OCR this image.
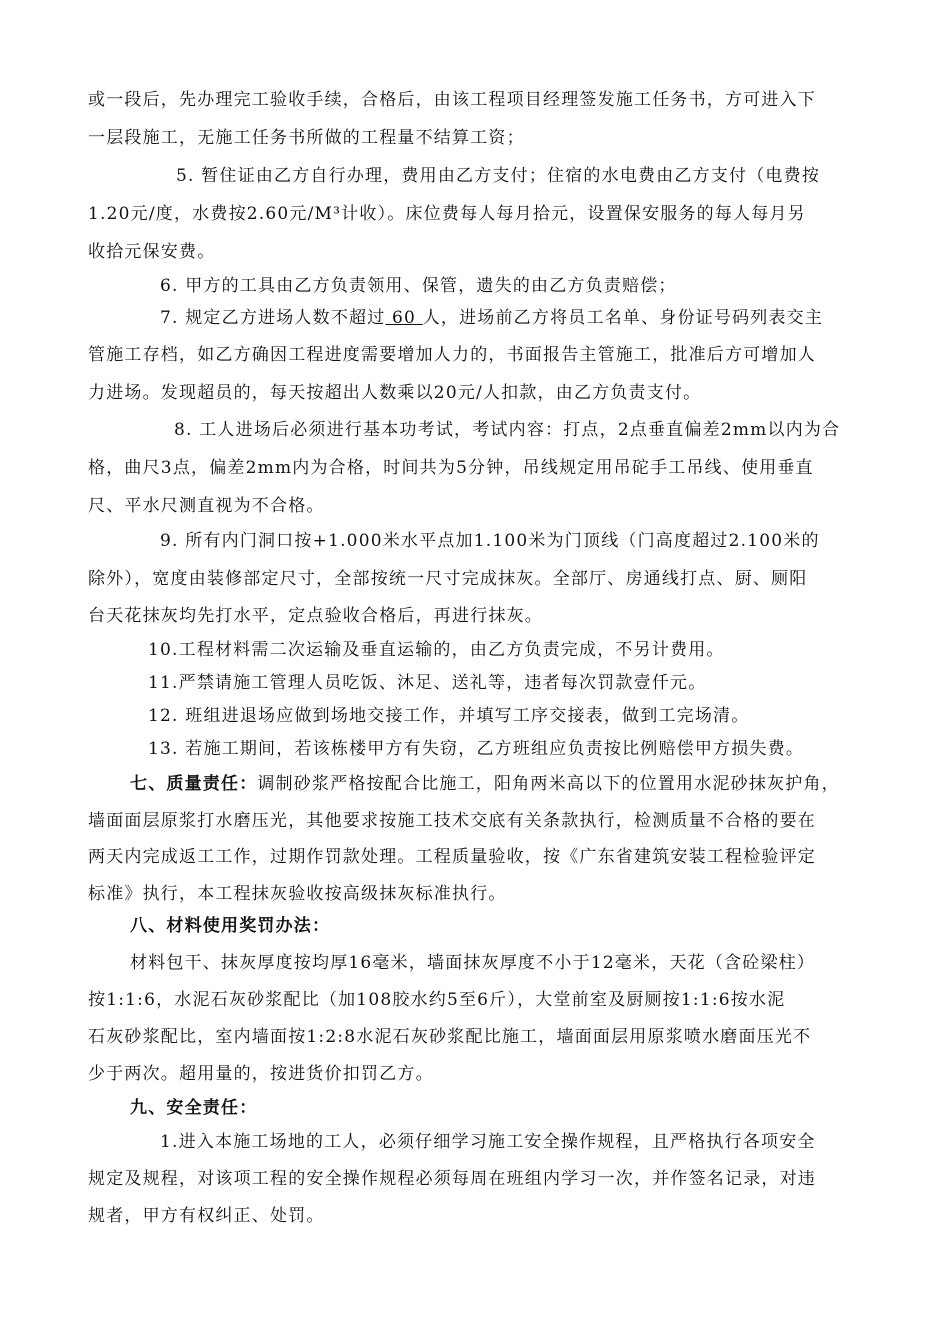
或一段后，先办理完工验收手续，合格后，由该工程项目经理签发施工任务书，方可进入下
一层段施工，无施工任务书所做的工程量不结算工资；
5. 暂住证由乙方自行办理，费用由乙方支付；住宿的水电费由乙方支付（电费按
1.20元/度，水费按2.60元/M³计收）。床位费每人每月拾元，设置保安服务的每人每月另
收拾元保安费。
6. 甲方的工具由乙方负责领用、保管，遗失的由乙方负责赔偿；
7. 规定乙方进场人数不超过 60 人，进场前乙方将员工名单、身份证号码列表交主
管施工存档，如乙方确因工程进度需要增加人力的，书面报告主管施工，批准后方可增加人
力进场。发现超员的，每天按超出人数乘以20元/人扣款，由乙方负责支付。
8. 工人进场后必须进行基本功考试，考试内容：打点，2点垂直偏差2mm以内为合
格，曲尺3点，偏差2mm内为合格，时间共为5分钟，吊线规定用吊砣手工吊线、使用垂直
尺、平水尺测直视为不合格。
9. 所有内门洞口按+1.000米水平点加1.100米为门顶线（门高度超过2.100米的
除外），宽度由装修部定尺寸，全部按统一尺寸完成抹灰。全部厅、房通线打点、厨、厕阳
台天花抹灰均先打水平，定点验收合格后，再进行抹灰。
10.工程材料需二次运输及垂直运输的，由乙方负责完成，不另计费用。
11.严禁请施工管理人员吃饭、沐足、送礼等，违者每次罚款壹仟元。
12. 班组进退场应做到场地交接工作，并填写工序交接表，做到工完场清。
13. 若施工期间，若该栋楼甲方有失窃，乙方班组应负责按比例赔偿甲方损失费。
七、质量责任：调制砂浆严格按配合比施工，阳角两米高以下的位置用水泥砂抹灰护角，
墙面面层原浆打水磨压光，其他要求按施工技术交底有关条款执行，检测质量不合格的要在
两天内完成返工工作，过期作罚款处理。工程质量验收，按《广东省建筑安装工程检验评定
标准》执行，本工程抹灰验收按高级抹灰标准执行。
八、材料使用奖罚办法：
材料包干、抹灰厚度按均厚16毫米，墙面抹灰厚度不小于12毫米，天花（含砼梁柱）
按1:1:6，水泥石灰砂浆配比（加108胶水约5至6斤），大堂前室及厨厕按1:1:6按水泥
石灰砂浆配比，室内墙面按1:2:8水泥石灰砂浆配比施工，墙面面层用原浆喷水磨面压光不
少于两次。超用量的，按进货价扣罚乙方。
九、安全责任：
1.进入本施工场地的工人，必须仔细学习施工安全操作规程，且严格执行各项安全
规定及规程，对该项工程的安全操作规程必须每周在班组内学习一次，并作签名记录，对违
规者，甲方有权纠正、处罚。
